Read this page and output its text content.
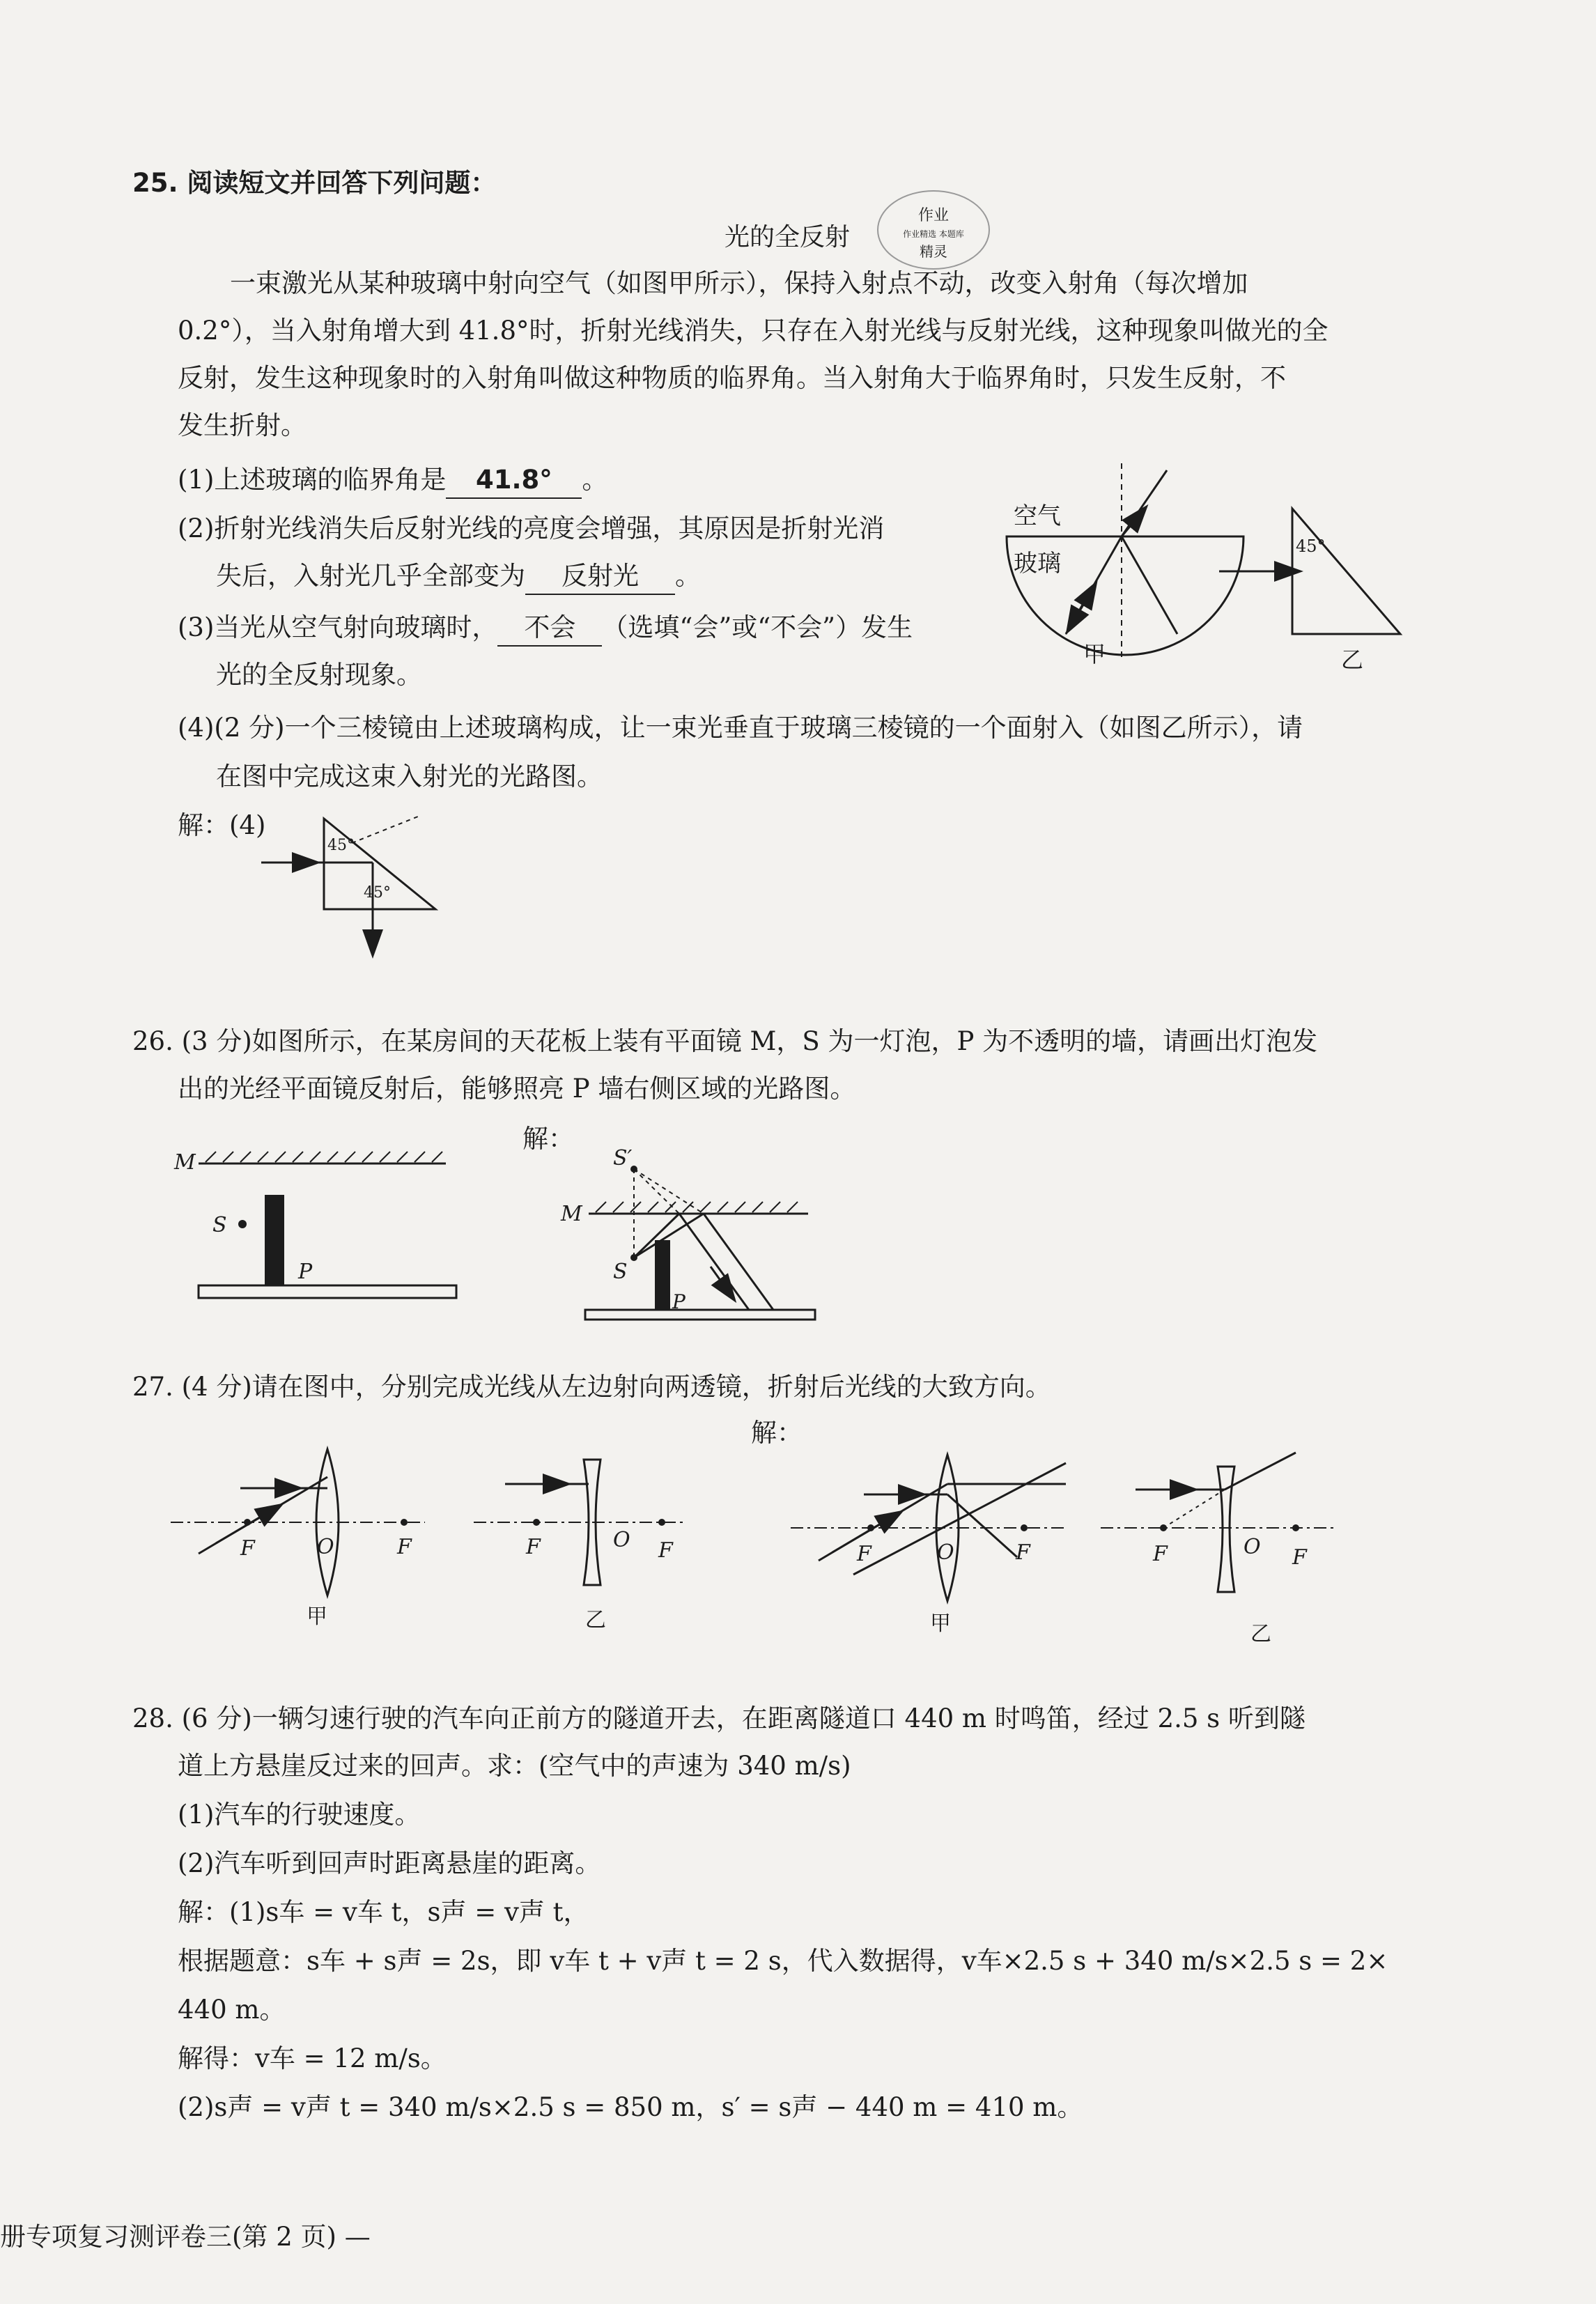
25. 阅读短文并回答下列问题：
光的全反射
作业
作业精选 本题库
精灵
一束激光从某种玻璃中射向空气（如图甲所示），保持入射点不动，改变入射角（每次增加
0.2°），当入射角增大到 41.8°时，折射光线消失，只存在入射光线与反射光线，这种现象叫做光的全
反射，发生这种现象时的入射角叫做这种物质的临界角。当入射角大于临界角时，只发生反射，不
发生折射。
(1)上述玻璃的临界角是 41.8° 。
(2)折射光线消失后反射光线的亮度会增强，其原因是折射光消
失后，入射光几乎全部变为 反射光 。
(3)当光从空气射向玻璃时， 不会 （选填“会”或“不会”）发生
光的全反射现象。
(4)(2 分)一个三棱镜由上述玻璃构成，让一束光垂直于玻璃三棱镜的一个面射入（如图乙所示），请
在图中完成这束入射光的光路图。
解：(4)
空气
玻璃
甲
45°
乙
45°
45°
26. (3 分)如图所示，在某房间的天花板上装有平面镜 M，S 为一灯泡，P 为不透明的墙，请画出灯泡发
出的光经平面镜反射后，能够照亮 P 墙右侧区域的光路图。
M
S
P
解：
S′
M
S
P
27. (4 分)请在图中，分别完成光线从左边射向两透镜，折射后光线的大致方向。
解：
F	O	F
甲
F	O F
乙
F	O	F
甲
F	O F
乙
28. (6 分)一辆匀速行驶的汽车向正前方的隧道开去，在距离隧道口 440 m 时鸣笛，经过 2.5 s 听到隧
道上方悬崖反过来的回声。求：(空气中的声速为 340 m/s)
(1)汽车的行驶速度。
(2)汽车听到回声时距离悬崖的距离。
解：(1)s车 = v车 t，s声 = v声 t，
根据题意：s车 + s声 = 2s，即 v车 t + v声 t = 2 s，代入数据得，v车×2.5 s + 340 m/s×2.5 s = 2×
440 m。
解得：v车 = 12 m/s。
(2)s声 = v声 t = 340 m/s×2.5 s = 850 m，s′ = s声 − 440 m = 410 m。
册专项复习测评卷三(第 2 页) —
